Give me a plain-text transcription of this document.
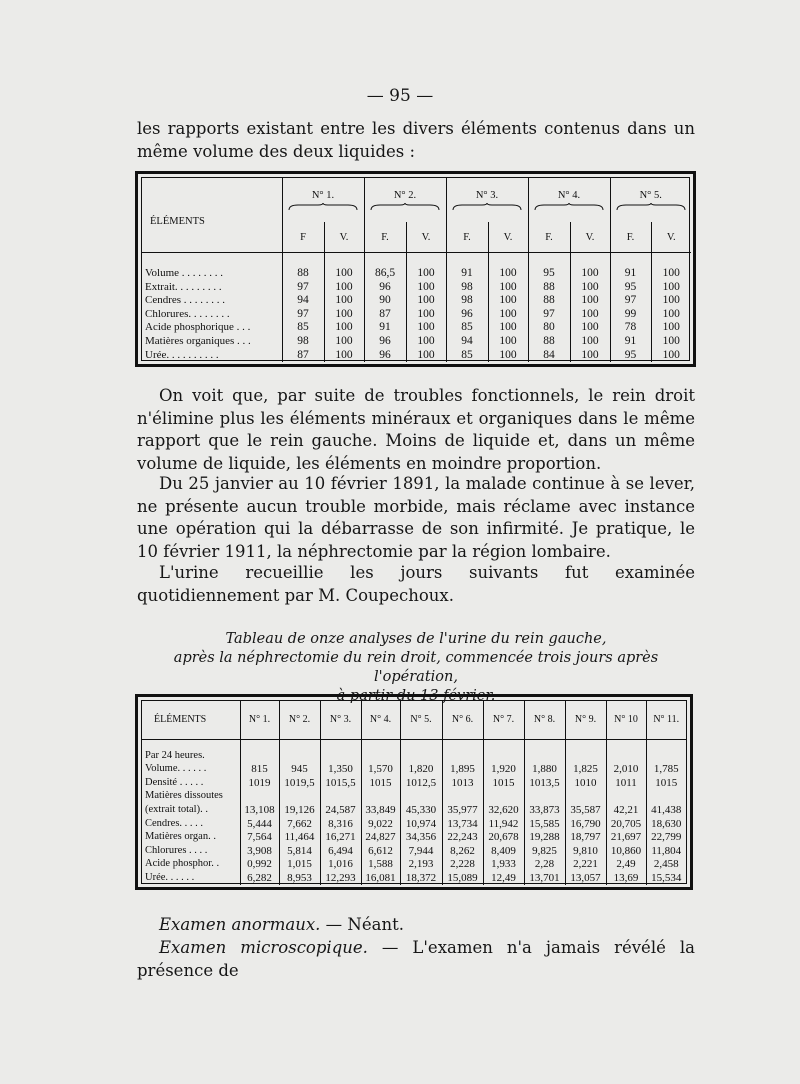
— 95 —
les rapports existant entre les divers éléments contenus dans un même volume des deux liquides :
ÉLÉMENTS	N° 1.		N° 2.		N° 3.		N° 4.		N° 5.	

	F	V.	F.	V.	F.	V.	F.	V.	F.	V.

Volume . . . . . . . .	88	100	86,5	100	91	100	95	100	91	100
Extrait. . . . . . . . .	97	100	96	100	98	100	88	100	95	100
Cendres . . . . . . . .	94	100	90	100	98	100	88	100	97	100
Chlorures. . . . . . . .	97	100	87	100	96	100	97	100	99	100
Acide phosphorique . . .	85	100	91	100	85	100	80	100	78	100
Matières organiques . . .	98	100	96	100	94	100	88	100	91	100
Urée. . . . . . . . . .	87	100	96	100	85	100	84	100	95	100
On voit que, par suite de troubles fonctionnels, le rein droit n'élimine plus les éléments minéraux et organiques dans le même rapport que le rein gauche. Moins de liquide et, dans un même volume de liquide, les éléments en moindre proportion.
Du 25 janvier au 10 février 1891, la malade continue à se lever, ne présente aucun trouble morbide, mais réclame avec instance une opération qui la débarrasse de son infirmité. Je pratique, le 10 février 1911, la néphrectomie par la région lombaire.
L'urine recueillie les jours suivants fut examinée quotidiennement par M. Coupechoux.
Tableau de onze analyses de l'urine du rein gauche,
après la néphrectomie du rein droit, commencée trois jours après l'opération,
à partir du 13 février.
ÉLÉMENTS	N° 1.	N° 2.	N° 3.	N° 4.	N° 5.	N° 6.	N° 7.	N° 8.	N° 9.	N° 10	N° 11.

Par 24 heures.											
Volume. . . . . .	815	945	1,350	1,570	1,820	1,895	1,920	1,880	1,825	2,010	1,785
Densité . . . . .	1019	1019,5	1015,5	1015	1012,5	1013	1015	1013,5	1010	1011	1015
Matières dissoutes											
(extrait total). .	13,108	19,126	24,587	33,849	45,330	35,977	32,620	33,873	35,587	42,21	41,438
Cendres. . . . .	5,444	7,662	8,316	9,022	10,974	13,734	11,942	15,585	16,790	20,705	18,630
Matières organ. .	7,564	11,464	16,271	24,827	34,356	22,243	20,678	19,288	18,797	21,697	22,799
Chlorures . . . .	3,908	5,814	6,494	6,612	7,944	8,262	8,409	9,825	9,810	10,860	11,804
Acide phosphor. .	0,992	1,015	1,016	1,588	2,193	2,228	1,933	2,28	2,221	2,49	2,458
Urée. . . . . .	6,282	8,953	12,293	16,081	18,372	15,089	12,49	13,701	13,057	13,69	15,534
Examen anormaux. — Néant.
Examen microscopique. — L'examen n'a jamais révélé la présence de
